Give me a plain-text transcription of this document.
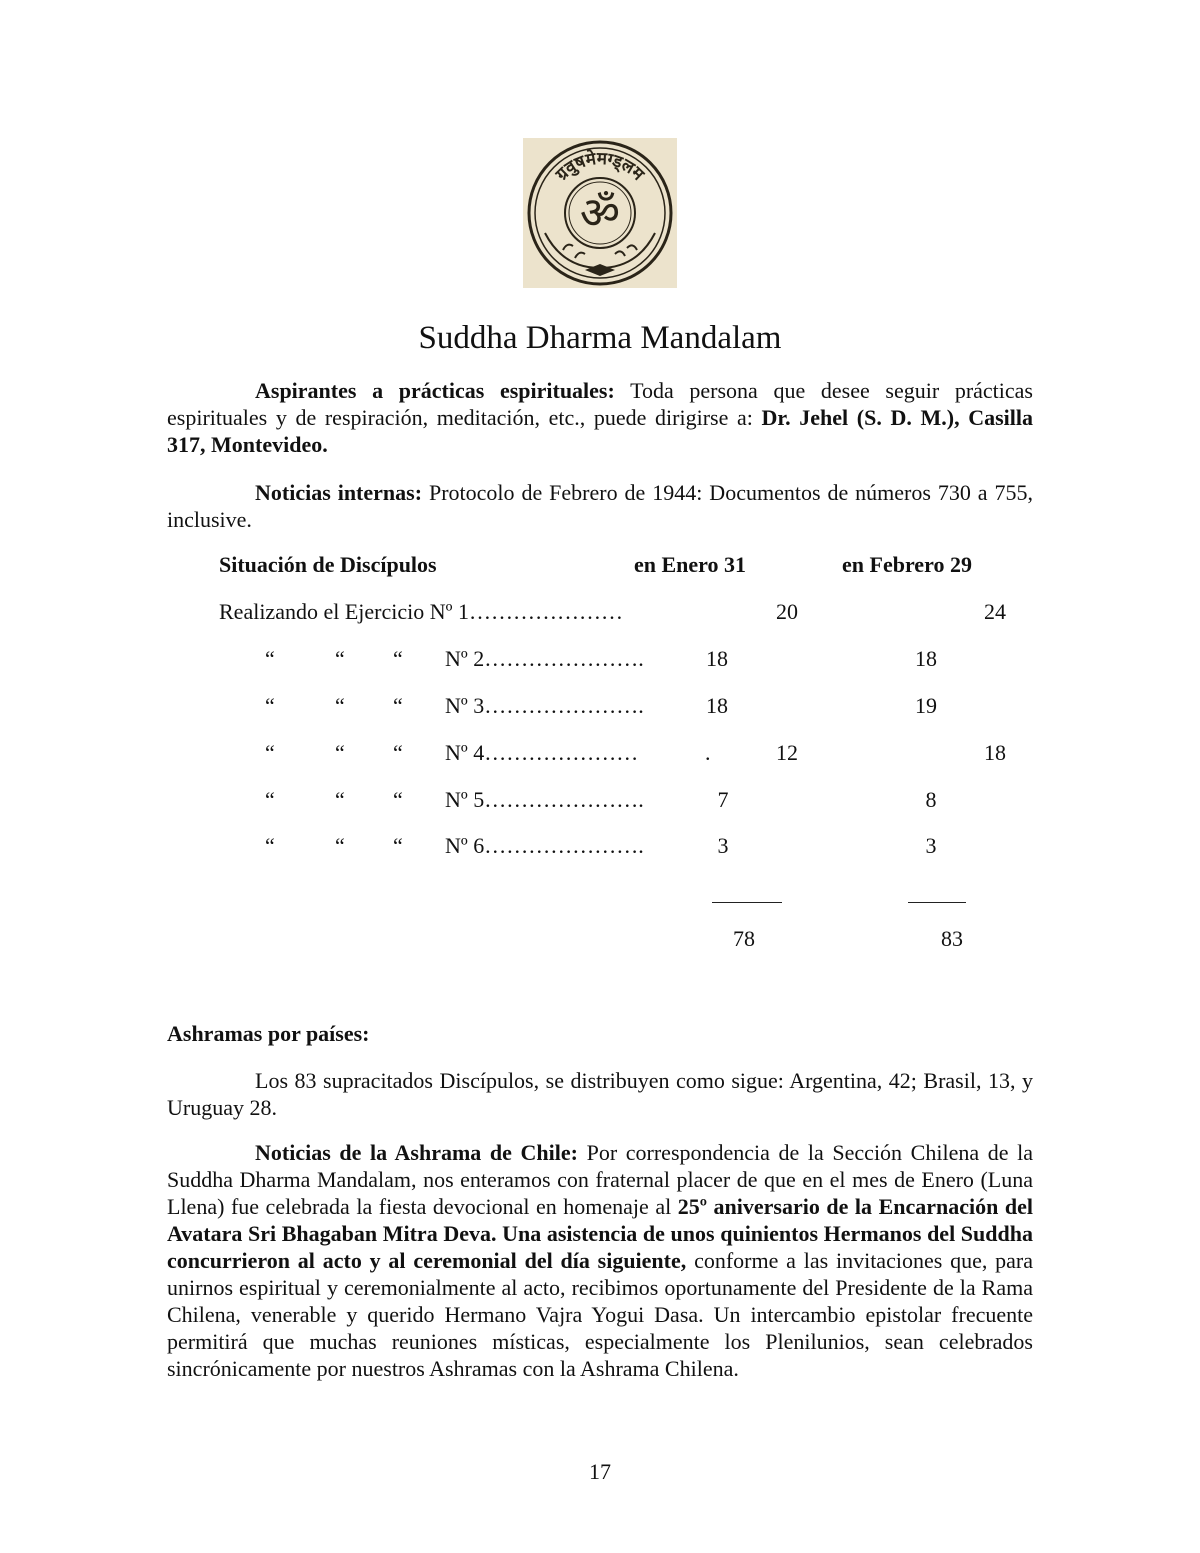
ॐ
ग्रवुषमेमग्ड्लम
Suddha Dharma Mandalam
Aspirantes a prácticas espirituales: Toda persona que desee seguir prácticas espirituales y de respiración, meditación, etc., puede dirigirse a: Dr. Jehel (S. D. M.), Casilla 317, Montevideo.
Noticias internas: Protocolo de Febrero de 1944: Documentos de números 730 a 755, inclusive.
Situación de Discípulos	en Enero 31	en Febrero 29
Realizando el Ejercicio Nº 1…………………	20	24
“	“ “ Nº 2………………….	18	18
“	“ “ Nº 3………………….	18	19
“	“ “ Nº 4…………………	.	12	18
“	“ “ Nº 5………………….	7	8
“	“ “ Nº 6………………….	3	3
78	83
Ashramas por países:
Los 83 supracitados Discípulos, se distribuyen como sigue: Argentina, 42; Brasil, 13, y Uruguay 28.
Noticias de la Ashrama de Chile: Por correspondencia de la Sección Chilena de la Suddha Dharma Mandalam, nos enteramos con fraternal placer de que en el mes de Enero (Luna Llena) fue celebrada la fiesta devocional en homenaje al 25º aniversario de la Encarnación del Avatara Sri Bhagaban Mitra Deva. Una asistencia de unos quinientos Hermanos del Suddha concurrieron al acto y al ceremonial del día siguiente, conforme a las invitaciones que, para unirnos espiritual y ceremonialmente al acto, recibimos oportunamente del Presidente de la Rama Chilena, venerable y querido Hermano Vajra Yogui Dasa. Un intercambio epistolar frecuente permitirá que muchas reuniones místicas, especialmente los Plenilunios, sean celebrados sincrónicamente por nuestros Ashramas con la Ashrama Chilena.
17
